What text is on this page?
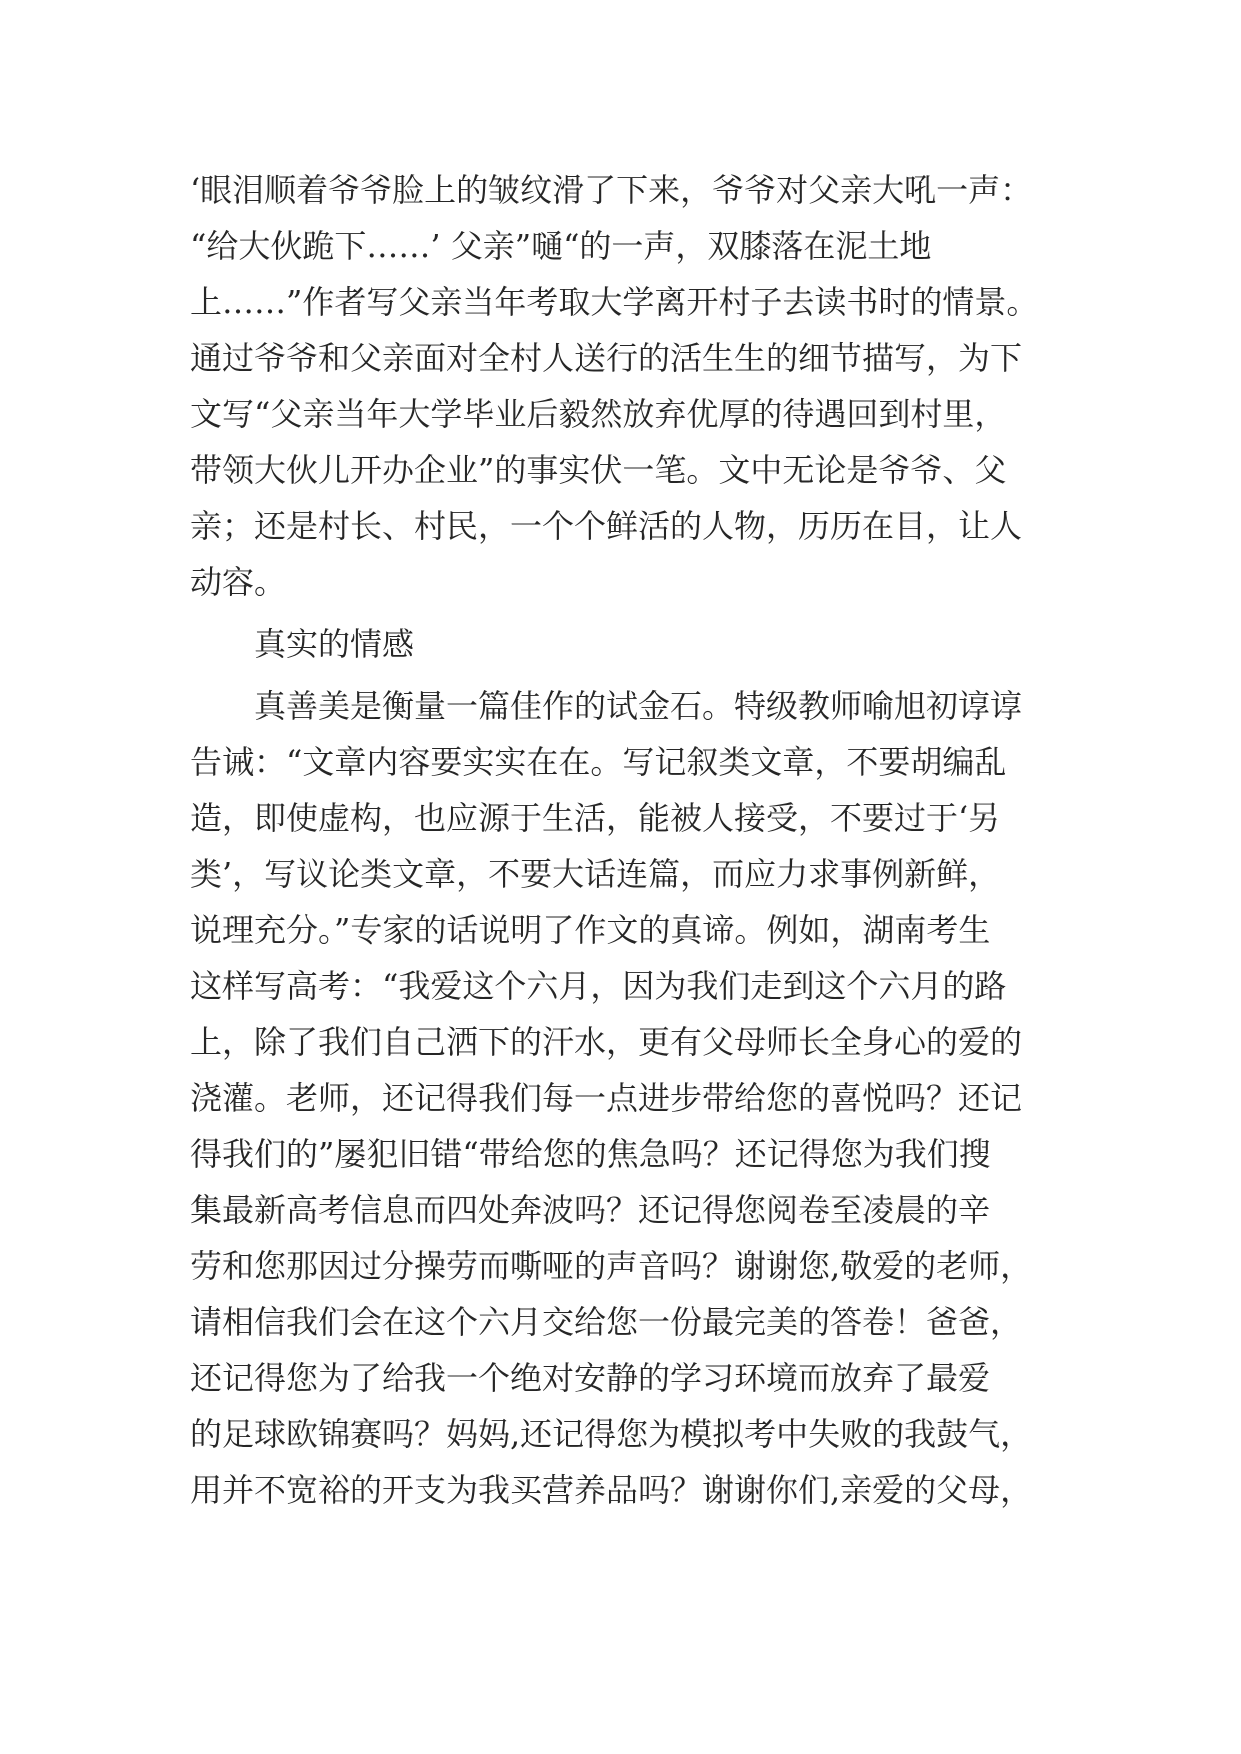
‘眼泪顺着爷爷脸上的皱纹滑了下来，爷爷对父亲大吼一声：
“给大伙跪下……’ 父亲”嗵“的一声，双膝落在泥土地
上……”作者写父亲当年考取大学离开村子去读书时的情景。
通过爷爷和父亲面对全村人送行的活生生的细节描写，为下
文写“父亲当年大学毕业后毅然放弃优厚的待遇回到村里，
带领大伙儿开办企业”的事实伏一笔。文中无论是爷爷、父
亲；还是村长、村民，一个个鲜活的人物，历历在目，让人
动容。
真实的情感
真善美是衡量一篇佳作的试金石。特级教师喻旭初谆谆
告诫：“文章内容要实实在在。写记叙类文章，不要胡编乱
造，即使虚构，也应源于生活，能被人接受，不要过于‘另
类’，写议论类文章，不要大话连篇，而应力求事例新鲜，
说理充分。”专家的话说明了作文的真谛。例如，湖南考生
这样写高考：“我爱这个六月，因为我们走到这个六月的路
上，除了我们自己洒下的汗水，更有父母师长全身心的爱的
浇灌。老师，还记得我们每一点进步带给您的喜悦吗？还记
得我们的”屡犯旧错“带给您的焦急吗？还记得您为我们搜
集最新高考信息而四处奔波吗？还记得您阅卷至凌晨的辛
劳和您那因过分操劳而嘶哑的声音吗？谢谢您,敬爱的老师，
请相信我们会在这个六月交给您一份最完美的答卷！爸爸，
还记得您为了给我一个绝对安静的学习环境而放弃了最爱
的足球欧锦赛吗？妈妈,还记得您为模拟考中失败的我鼓气，
用并不宽裕的开支为我买营养品吗？谢谢你们,亲爱的父母，
